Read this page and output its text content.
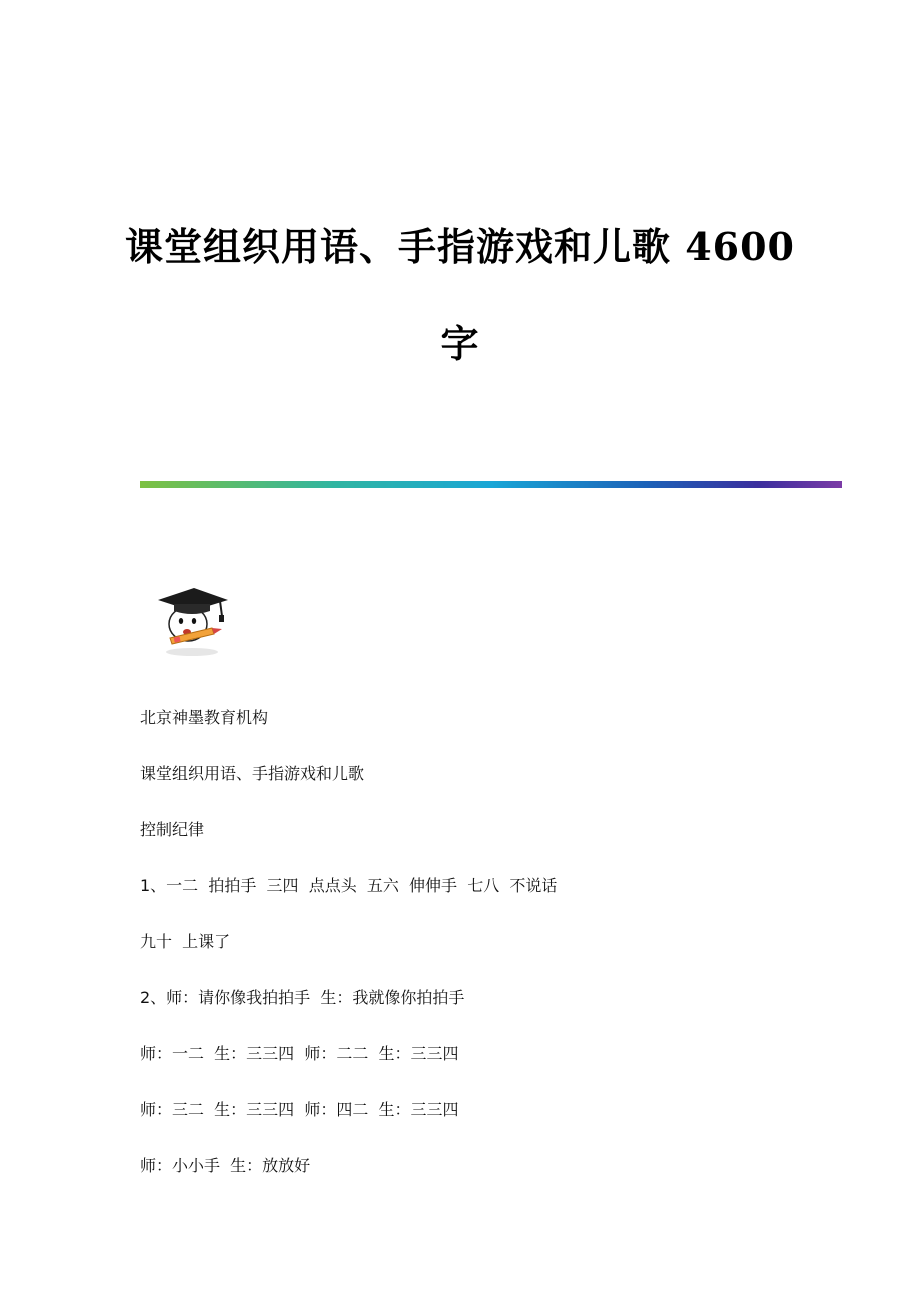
课堂组织用语、手指游戏和儿歌 4600
字

北京神墨教育机构

课堂组织用语、手指游戏和儿歌

控制纪律

1、一二  拍拍手  三四  点点头  五六  伸伸手  七八  不说话

九十  上课了

2、师：请你像我拍拍手  生：我就像你拍拍手

师：一二  生：三三四  师：二二  生：三三四

师：三二  生：三三四  师：四二  生：三三四

师：小小手  生：放放好
